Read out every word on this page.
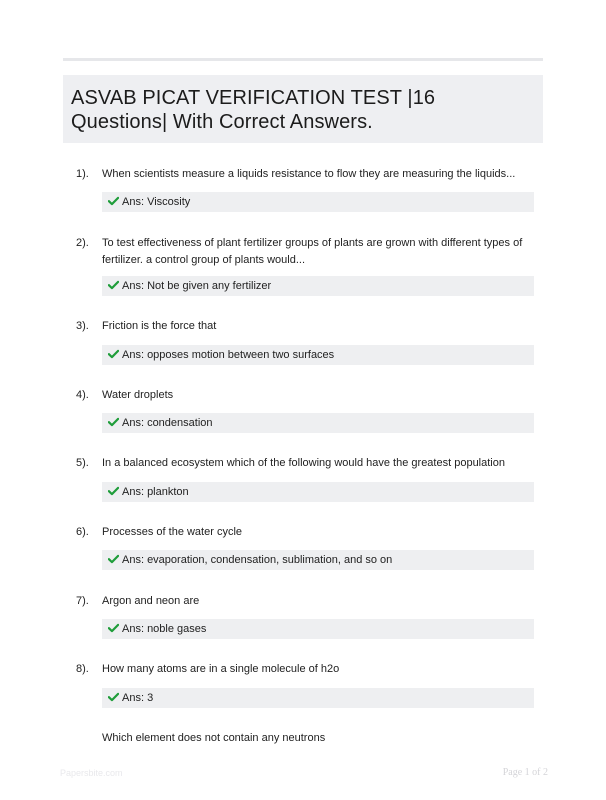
ASVAB PICAT VERIFICATION TEST |16
Questions| With Correct Answers.
1). When scientists measure a liquids resistance to flow they are measuring the liquids...
Ans: Viscosity
2). To test effectiveness of plant fertilizer groups of plants are grown with different types of fertilizer. a control group of plants would...
Ans: Not be given any fertilizer
3). Friction is the force that
Ans: opposes motion between two surfaces
4). Water droplets
Ans: condensation
5). In a balanced ecosystem which of the following would have the greatest population
Ans: plankton
6). Processes of the water cycle
Ans: evaporation, condensation, sublimation, and so on
7). Argon and neon are
Ans: noble gases
8). How many atoms are in a single molecule of h2o
Ans: 3
Which element does not contain any neutrons
Papersbite.com	Page 1 of 2
